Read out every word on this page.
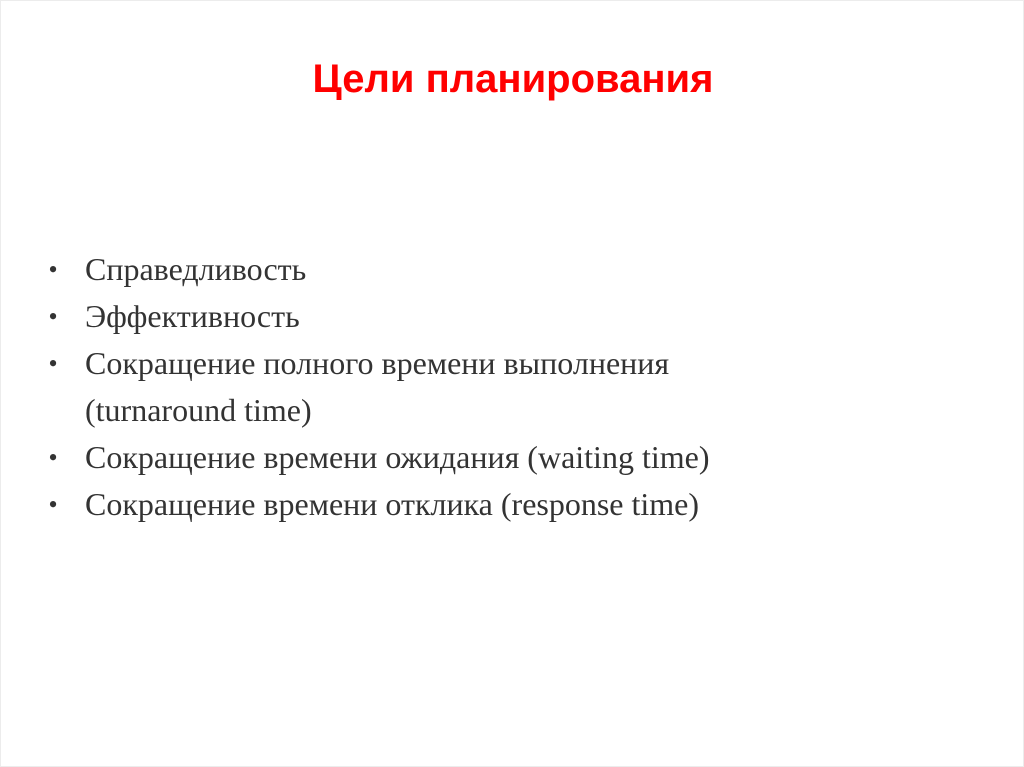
Цели планирования
• Справедливость
• Эффективность
• Сокращение полного времени выполнения
(turnaround time)
• Сокращение времени ожидания (waiting time)
• Сокращение времени отклика (response time)
